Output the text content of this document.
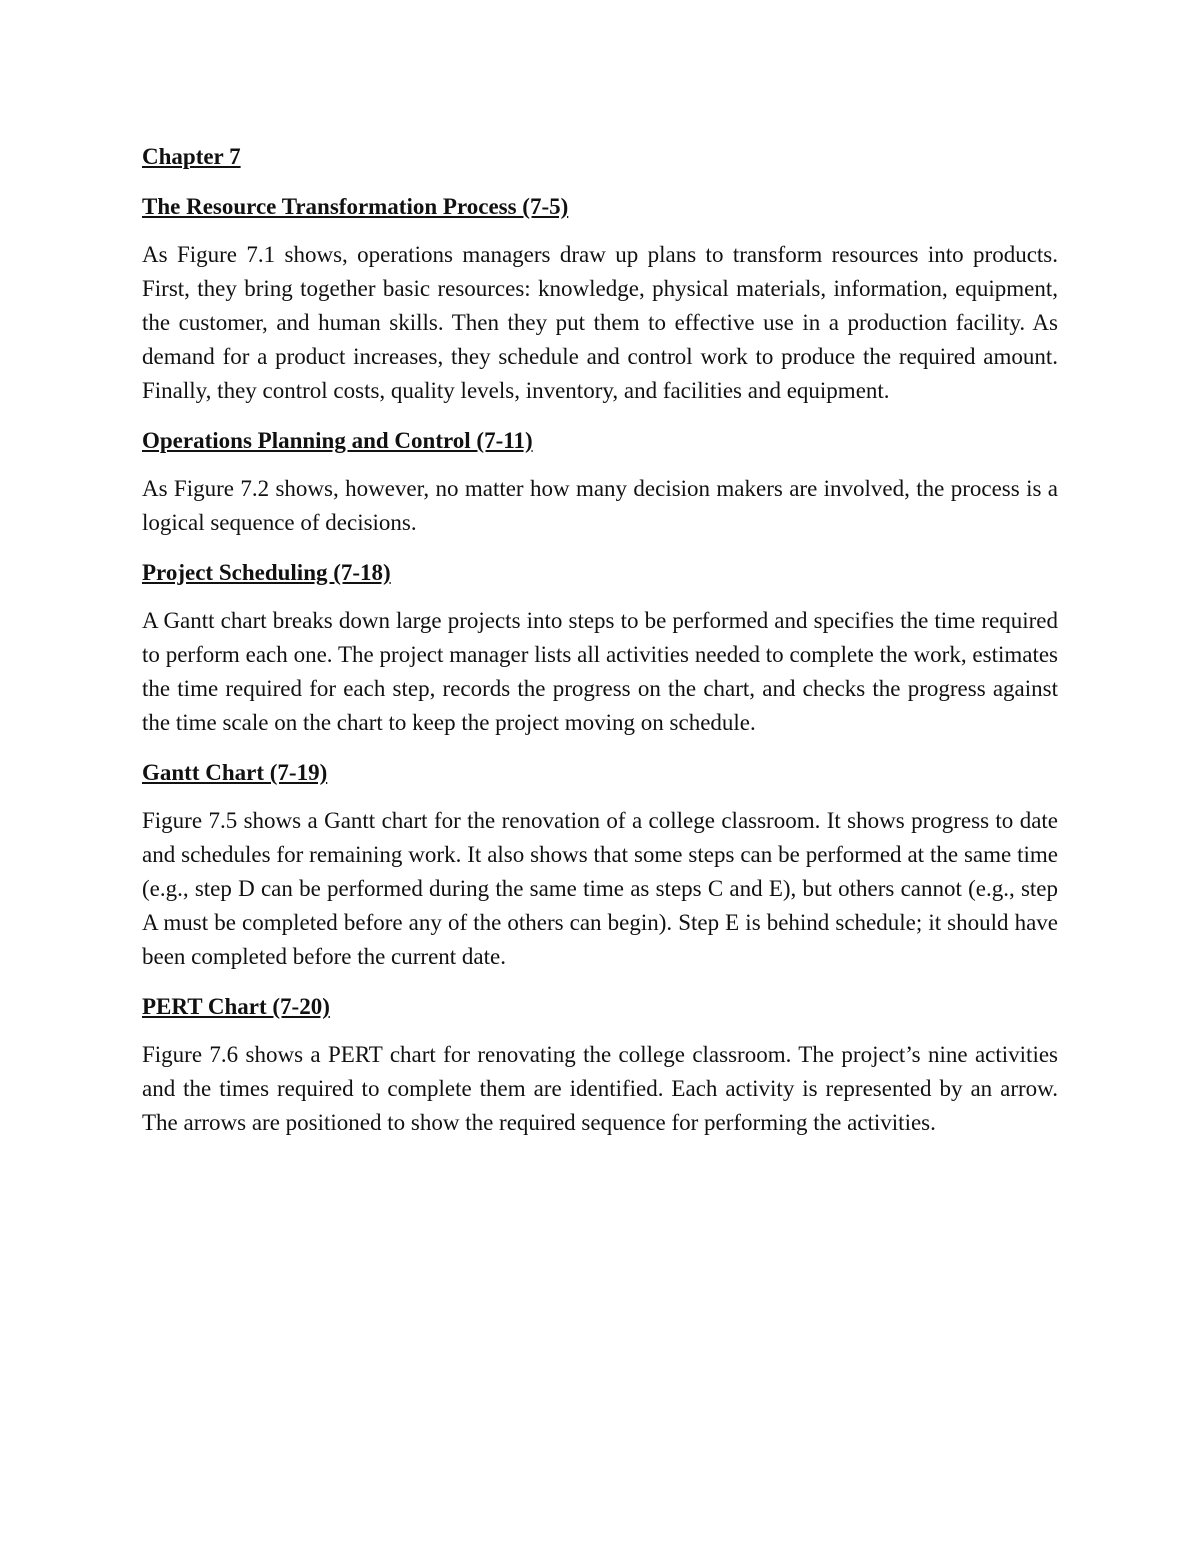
Chapter 7
The Resource Transformation Process (7-5)

As Figure 7.1 shows, operations managers draw up plans to transform resources into products. First, they bring together basic resources: knowledge, physical materials, information, equipment, the customer, and human skills. Then they put them to effective use in a production facility. As demand for a product increases, they schedule and control work to produce the required amount. Finally, they control costs, quality levels, inventory, and facilities and equipment.

Operations Planning and Control (7-11)

As Figure 7.2 shows, however, no matter how many decision makers are involved, the process is a logical sequence of decisions.

Project Scheduling (7-18)

A Gantt chart breaks down large projects into steps to be performed and specifies the time required to perform each one. The project manager lists all activities needed to complete the work, estimates the time required for each step, records the progress on the chart, and checks the progress against the time scale on the chart to keep the project moving on schedule.

Gantt Chart (7-19)

Figure 7.5 shows a Gantt chart for the renovation of a college classroom. It shows progress to date and schedules for remaining work. It also shows that some steps can be performed at the same time (e.g., step D can be performed during the same time as steps C and E), but others cannot (e.g., step A must be completed before any of the others can begin). Step E is behind schedule; it should have been completed before the current date.

PERT Chart (7-20)

Figure 7.6 shows a PERT chart for renovating the college classroom. The project’s nine activities and the times required to complete them are identified. Each activity is represented by an arrow. The arrows are positioned to show the required sequence for performing the activities.
